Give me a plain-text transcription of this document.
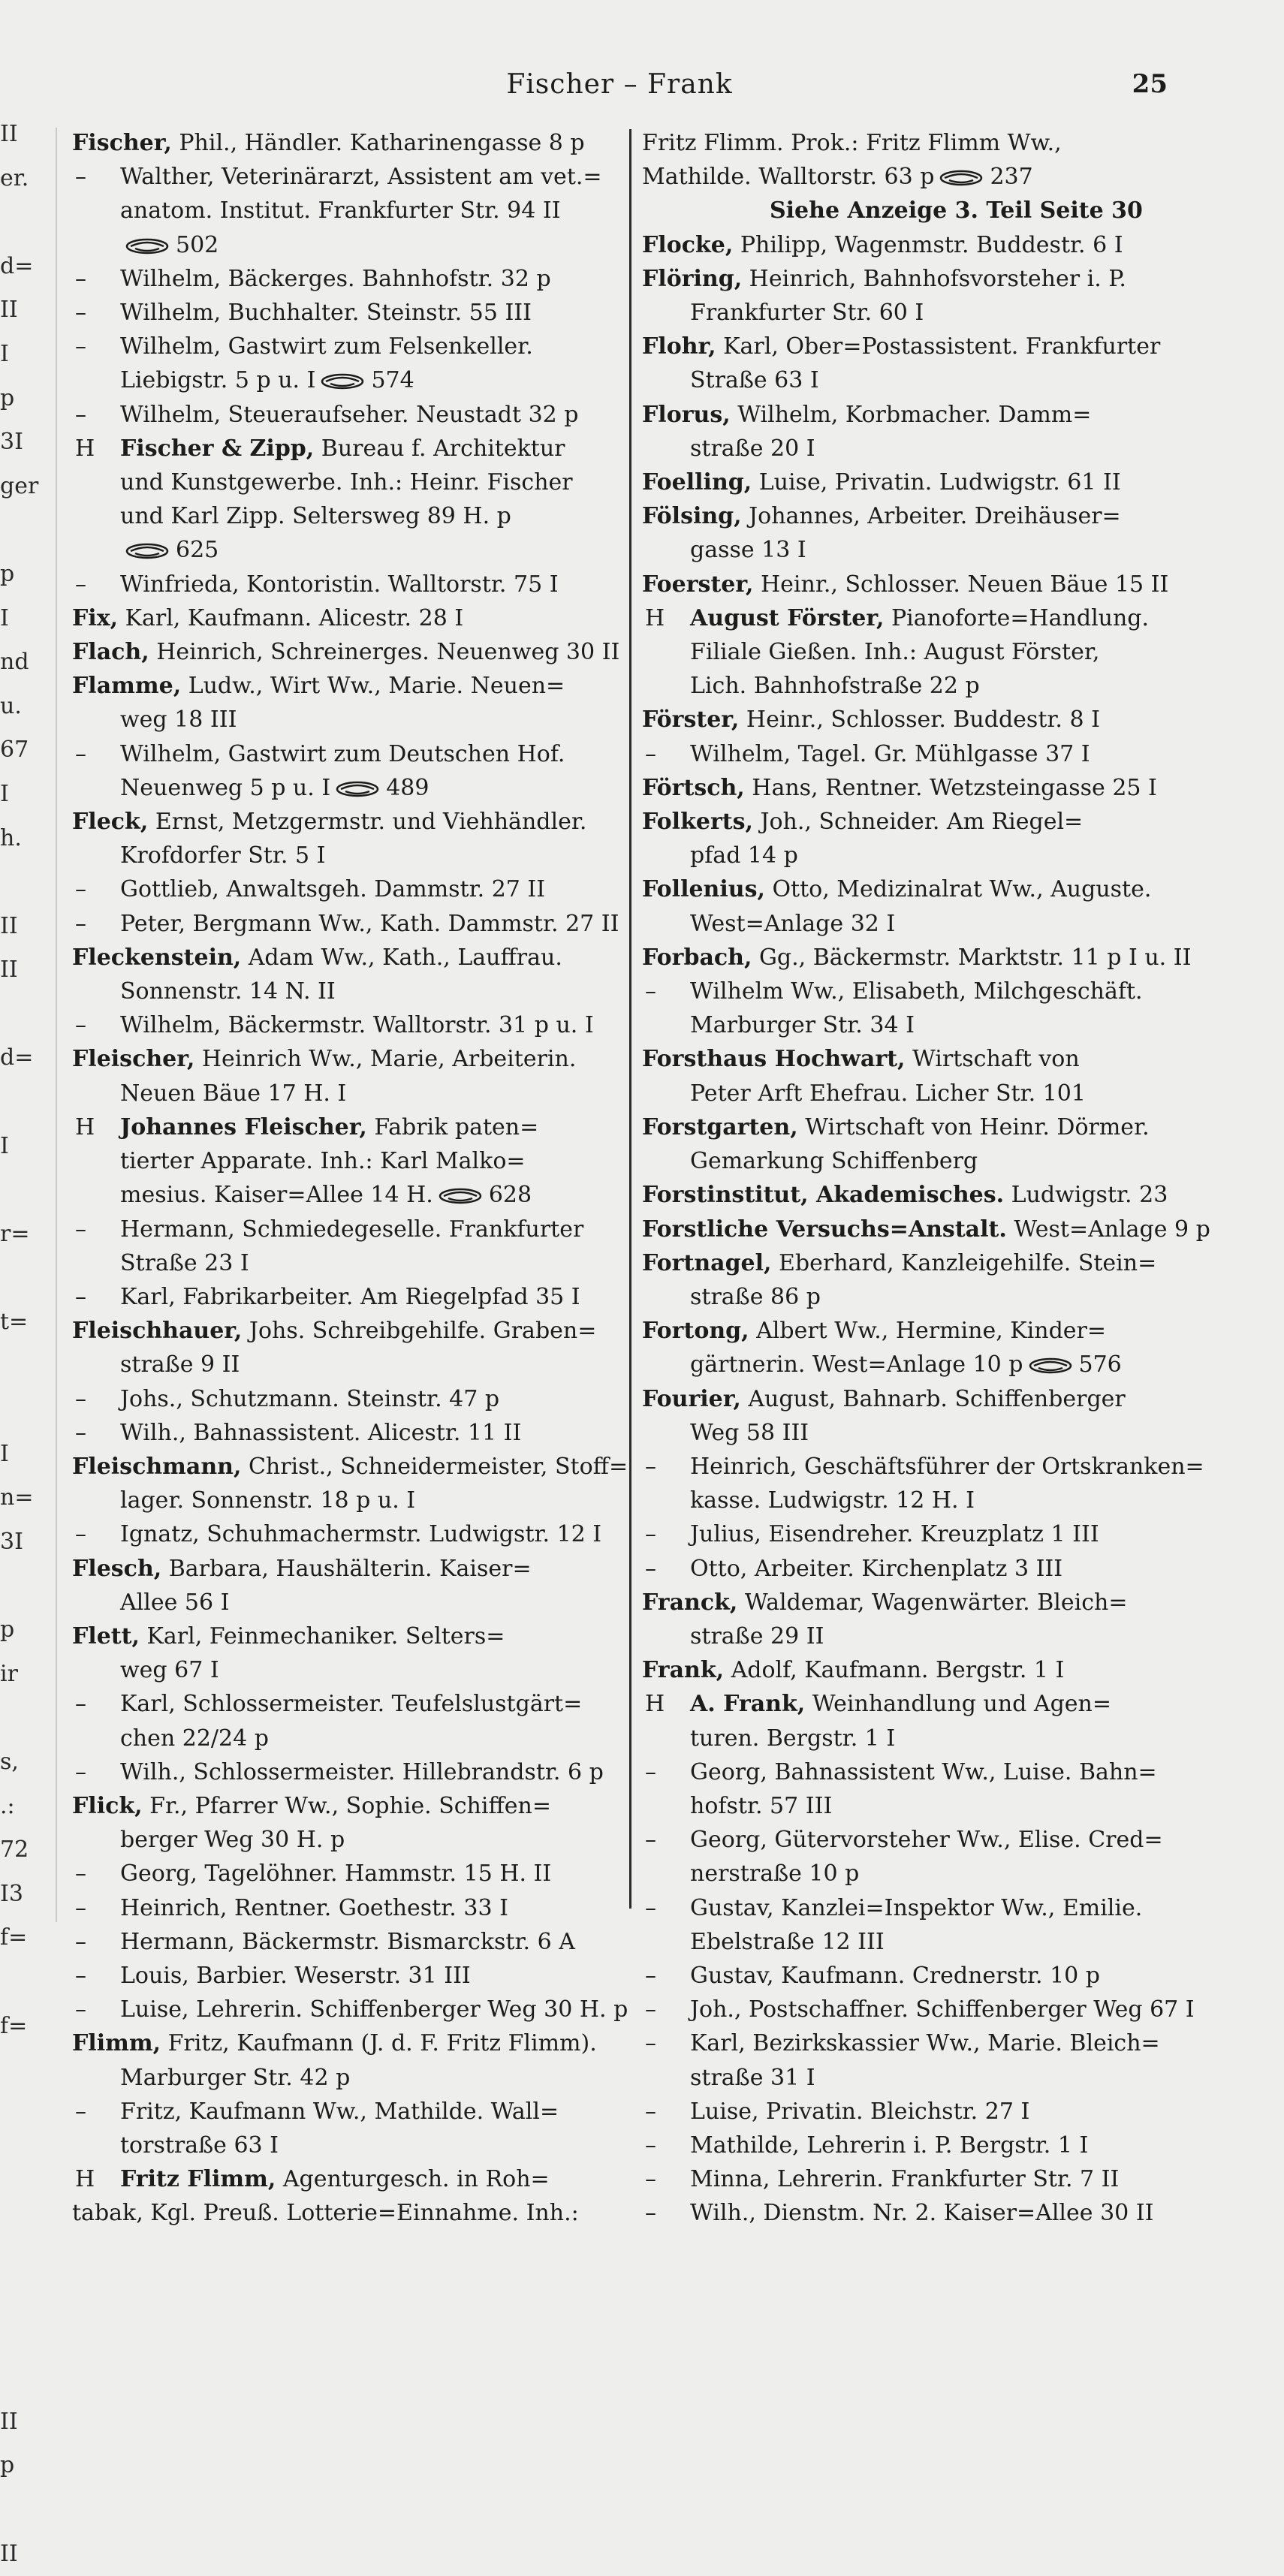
II
er.
d=
II
I
p
3I
ger
p
I
nd
u.
67
I
h.
II
II
d=
I
r=
t=
I
n=
3I
p
ir
s,
.:
72
I3
f=
f=
II
p
II
Fischer – Frank	25
Fischer, Phil., Händler. Katharinengasse 8 p
– Walther, Veterinärarzt, Assistent am vet.=
anatom. Institut. Frankfurter Str. 94 II
502
– Wilhelm, Bäckerges. Bahnhofstr. 32 p
– Wilhelm, Buchhalter. Steinstr. 55 III
– Wilhelm, Gastwirt zum Felsenkeller.
Liebigstr. 5 p u. I 574
– Wilhelm, Steueraufseher. Neustadt 32 p
H Fischer & Zipp, Bureau f. Architektur
und Kunstgewerbe. Inh.: Heinr. Fischer
und Karl Zipp. Seltersweg 89 H. p
625
– Winfrieda, Kontoristin. Walltorstr. 75 I
Fix, Karl, Kaufmann. Alicestr. 28 I
Flach, Heinrich, Schreinerges. Neuenweg 30 II
Flamme, Ludw., Wirt Ww., Marie. Neuen=
weg 18 III
– Wilhelm, Gastwirt zum Deutschen Hof.
Neuenweg 5 p u. I 489
Fleck, Ernst, Metzgermstr. und Viehhändler.
Krofdorfer Str. 5 I
– Gottlieb, Anwaltsgeh. Dammstr. 27 II
– Peter, Bergmann Ww., Kath. Dammstr. 27 II
Fleckenstein, Adam Ww., Kath., Lauffrau.
Sonnenstr. 14 N. II
– Wilhelm, Bäckermstr. Walltorstr. 31 p u. I
Fleischer, Heinrich Ww., Marie, Arbeiterin.
Neuen Bäue 17 H. I
H Johannes Fleischer, Fabrik paten=
tierter Apparate. Inh.: Karl Malko=
mesius. Kaiser=Allee 14 H. 628
– Hermann, Schmiedegeselle. Frankfurter
Straße 23 I
– Karl, Fabrikarbeiter. Am Riegelpfad 35 I
Fleischhauer, Johs. Schreibgehilfe. Graben=
straße 9 II
– Johs., Schutzmann. Steinstr. 47 p
– Wilh., Bahnassistent. Alicestr. 11 II
Fleischmann, Christ., Schneidermeister, Stoff=
lager. Sonnenstr. 18 p u. I
– Ignatz, Schuhmachermstr. Ludwigstr. 12 I
Flesch, Barbara, Haushälterin. Kaiser=
Allee 56 I
Flett, Karl, Feinmechaniker. Selters=
weg 67 I
– Karl, Schlossermeister. Teufelslustgärt=
chen 22/24 p
– Wilh., Schlossermeister. Hillebrandstr. 6 p
Flick, Fr., Pfarrer Ww., Sophie. Schiffen=
berger Weg 30 H. p
– Georg, Tagelöhner. Hammstr. 15 H. II
– Heinrich, Rentner. Goethestr. 33 I
– Hermann, Bäckermstr. Bismarckstr. 6 A
– Louis, Barbier. Weserstr. 31 III
– Luise, Lehrerin. Schiffenberger Weg 30 H. p
Flimm, Fritz, Kaufmann (J. d. F. Fritz Flimm).
Marburger Str. 42 p
– Fritz, Kaufmann Ww., Mathilde. Wall=
torstraße 63 I
H Fritz Flimm, Agenturgesch. in Roh=
tabak, Kgl. Preuß. Lotterie=Einnahme. Inh.:
Fritz Flimm. Prok.: Fritz Flimm Ww.,
Mathilde. Walltorstr. 63 p 237
Siehe Anzeige 3. Teil Seite 30
Flocke, Philipp, Wagenmstr. Buddestr. 6 I
Flöring, Heinrich, Bahnhofsvorsteher i. P.
Frankfurter Str. 60 I
Flohr, Karl, Ober=Postassistent. Frankfurter
Straße 63 I
Florus, Wilhelm, Korbmacher. Damm=
straße 20 I
Foelling, Luise, Privatin. Ludwigstr. 61 II
Fölsing, Johannes, Arbeiter. Dreihäuser=
gasse 13 I
Foerster, Heinr., Schlosser. Neuen Bäue 15 II
H August Förster, Pianoforte=Handlung.
Filiale Gießen. Inh.: August Förster,
Lich. Bahnhofstraße 22 p
Förster, Heinr., Schlosser. Buddestr. 8 I
– Wilhelm, Tagel. Gr. Mühlgasse 37 I
Förtsch, Hans, Rentner. Wetzsteingasse 25 I
Folkerts, Joh., Schneider. Am Riegel=
pfad 14 p
Follenius, Otto, Medizinalrat Ww., Auguste.
West=Anlage 32 I
Forbach, Gg., Bäckermstr. Marktstr. 11 p I u. II
– Wilhelm Ww., Elisabeth, Milchgeschäft.
Marburger Str. 34 I
Forsthaus Hochwart, Wirtschaft von
Peter Arft Ehefrau. Licher Str. 101
Forstgarten, Wirtschaft von Heinr. Dörmer.
Gemarkung Schiffenberg
Forstinstitut, Akademisches. Ludwigstr. 23
Forstliche Versuchs=Anstalt. West=Anlage 9 p
Fortnagel, Eberhard, Kanzleigehilfe. Stein=
straße 86 p
Fortong, Albert Ww., Hermine, Kinder=
gärtnerin. West=Anlage 10 p 576
Fourier, August, Bahnarb. Schiffenberger
Weg 58 III
– Heinrich, Geschäftsführer der Ortskranken=
kasse. Ludwigstr. 12 H. I
– Julius, Eisendreher. Kreuzplatz 1 III
– Otto, Arbeiter. Kirchenplatz 3 III
Franck, Waldemar, Wagenwärter. Bleich=
straße 29 II
Frank, Adolf, Kaufmann. Bergstr. 1 I
H A. Frank, Weinhandlung und Agen=
turen. Bergstr. 1 I
– Georg, Bahnassistent Ww., Luise. Bahn=
hofstr. 57 III
– Georg, Gütervorsteher Ww., Elise. Cred=
nerstraße 10 p
– Gustav, Kanzlei=Inspektor Ww., Emilie.
Ebelstraße 12 III
– Gustav, Kaufmann. Crednerstr. 10 p
– Joh., Postschaffner. Schiffenberger Weg 67 I
– Karl, Bezirkskassier Ww., Marie. Bleich=
straße 31 I
– Luise, Privatin. Bleichstr. 27 I
– Mathilde, Lehrerin i. P. Bergstr. 1 I
– Minna, Lehrerin. Frankfurter Str. 7 II
– Wilh., Dienstm. Nr. 2. Kaiser=Allee 30 II
